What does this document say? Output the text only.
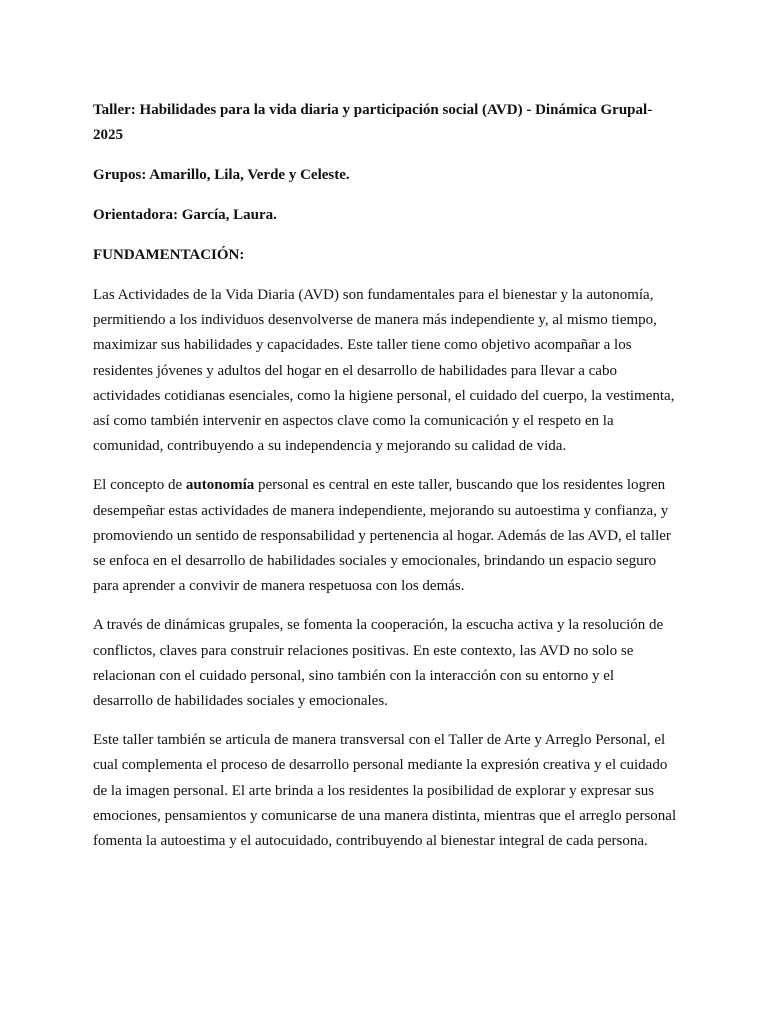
Taller: Habilidades para la vida diaria y participación social (AVD) - Dinámica Grupal- 2025

Grupos: Amarillo, Lila, Verde y Celeste.

Orientadora: García, Laura.

FUNDAMENTACIÓN:

Las Actividades de la Vida Diaria (AVD) son fundamentales para el bienestar y la autonomía, permitiendo a los individuos desenvolverse de manera más independiente y, al mismo tiempo, maximizar sus habilidades y capacidades. Este taller tiene como objetivo acompañar a los residentes jóvenes y adultos del hogar en el desarrollo de habilidades para llevar a cabo actividades cotidianas esenciales, como la higiene personal, el cuidado del cuerpo, la vestimenta, así como también intervenir en aspectos clave como la comunicación y el respeto en la comunidad, contribuyendo a su independencia y mejorando su calidad de vida.

El concepto de autonomía personal es central en este taller, buscando que los residentes logren desempeñar estas actividades de manera independiente, mejorando su autoestima y confianza, y promoviendo un sentido de responsabilidad y pertenencia al hogar. Además de las AVD, el taller se enfoca en el desarrollo de habilidades sociales y emocionales, brindando un espacio seguro para aprender a convivir de manera respetuosa con los demás.

A través de dinámicas grupales, se fomenta la cooperación, la escucha activa y la resolución de conflictos, claves para construir relaciones positivas. En este contexto, las AVD no solo se relacionan con el cuidado personal, sino también con la interacción con su entorno y el desarrollo de habilidades sociales y emocionales.

Este taller también se articula de manera transversal con el Taller de Arte y Arreglo Personal, el cual complementa el proceso de desarrollo personal mediante la expresión creativa y el cuidado de la imagen personal. El arte brinda a los residentes la posibilidad de explorar y expresar sus emociones, pensamientos y comunicarse de una manera distinta, mientras que el arreglo personal fomenta la autoestima y el autocuidado, contribuyendo al bienestar integral de cada persona.
